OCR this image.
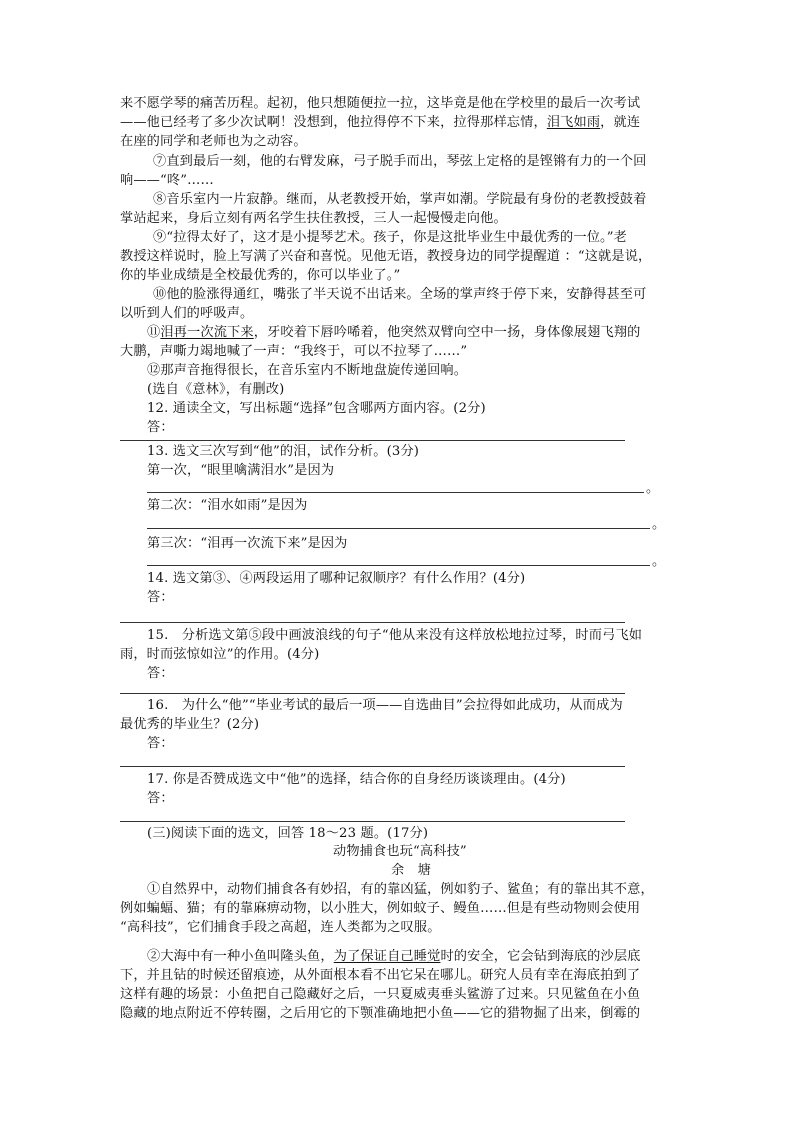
来不愿学琴的痛苦历程。起初，他只想随便拉一拉，这毕竟是他在学校里的最后一次考试
——他已经考了多少次试啊！没想到，他拉得停不下来，拉得那样忘情，泪飞如雨，就连
在座的同学和老师也为之动容。
⑦直到最后一刻，他的右臂发麻，弓子脱手而出，琴弦上定格的是铿锵有力的一个回
响——“咚”……
⑧音乐室内一片寂静。继而，从老教授开始，掌声如潮。学院最有身份的老教授鼓着
掌站起来，身后立刻有两名学生扶住教授，三人一起慢慢走向他。
⑨“拉得太好了，这才是小提琴艺术。孩子，你是这批毕业生中最优秀的一位。”老
教授这样说时，脸上写满了兴奋和喜悦。见他无语，教授身边的同学提醒道 ：“这就是说，
你的毕业成绩是全校最优秀的，你可以毕业了。”
⑩他的脸涨得通红，嘴张了半天说不出话来。全场的掌声终于停下来，安静得甚至可
以听到人们的呼吸声。
⑪泪再一次流下来，牙咬着下唇吟唏着，他突然双臂向空中一扬，身体像展翅飞翔的
大鹏，声嘶力竭地喊了一声：“我终于，可以不拉琴了……”
⑫那声音拖得很长，在音乐室内不断地盘旋传递回响。
(选自《意林》，有删改)
12. 通读全文，写出标题“选择”包含哪两方面内容。(2分)
答：
13. 选文三次写到“他”的泪，试作分析。(3分)
第一次，“眼里噙满泪水”是因为
。
第二次：“泪水如雨”是因为
。
第三次：“泪再一次流下来”是因为
。
14. 选文第③、④两段运用了哪种记叙顺序？有什么作用？(4分)
答：
15.　分析选文第⑤段中画波浪线的句子“他从来没有这样放松地拉过琴，时而弓飞如
雨，时而弦惊如泣”的作用。(4分)
答：
16.　为什么“他”“毕业考试的最后一项——自选曲目”会拉得如此成功，从而成为
最优秀的毕业生？(2分)
答：
17. 你是否赞成选文中“他”的选择，结合你的自身经历谈谈理由。(4分)
答：
(三)阅读下面的选文，回答 18～23 题。(17分)
动物捕食也玩“高科技”
余　塘
①自然界中，动物们捕食各有妙招，有的靠凶猛，例如豹子、鲨鱼；有的靠出其不意，
例如蝙蝠、猫；有的靠麻痹动物，以小胜大，例如蚊子、鳗鱼……但是有些动物则会使用
“高科技”，它们捕食手段之高超，连人类都为之叹服。
②大海中有一种小鱼叫隆头鱼，为了保证自己睡觉时的安全，它会钻到海底的沙层底
下，并且钻的时候还留痕迹，从外面根本看不出它呆在哪儿。研究人员有幸在海底拍到了
这样有趣的场景：小鱼把自己隐藏好之后，一只夏威夷垂头鲨游了过来。只见鲨鱼在小鱼
隐藏的地点附近不停转圈，之后用它的下颚准确地把小鱼——它的猎物掘了出来，倒霉的
